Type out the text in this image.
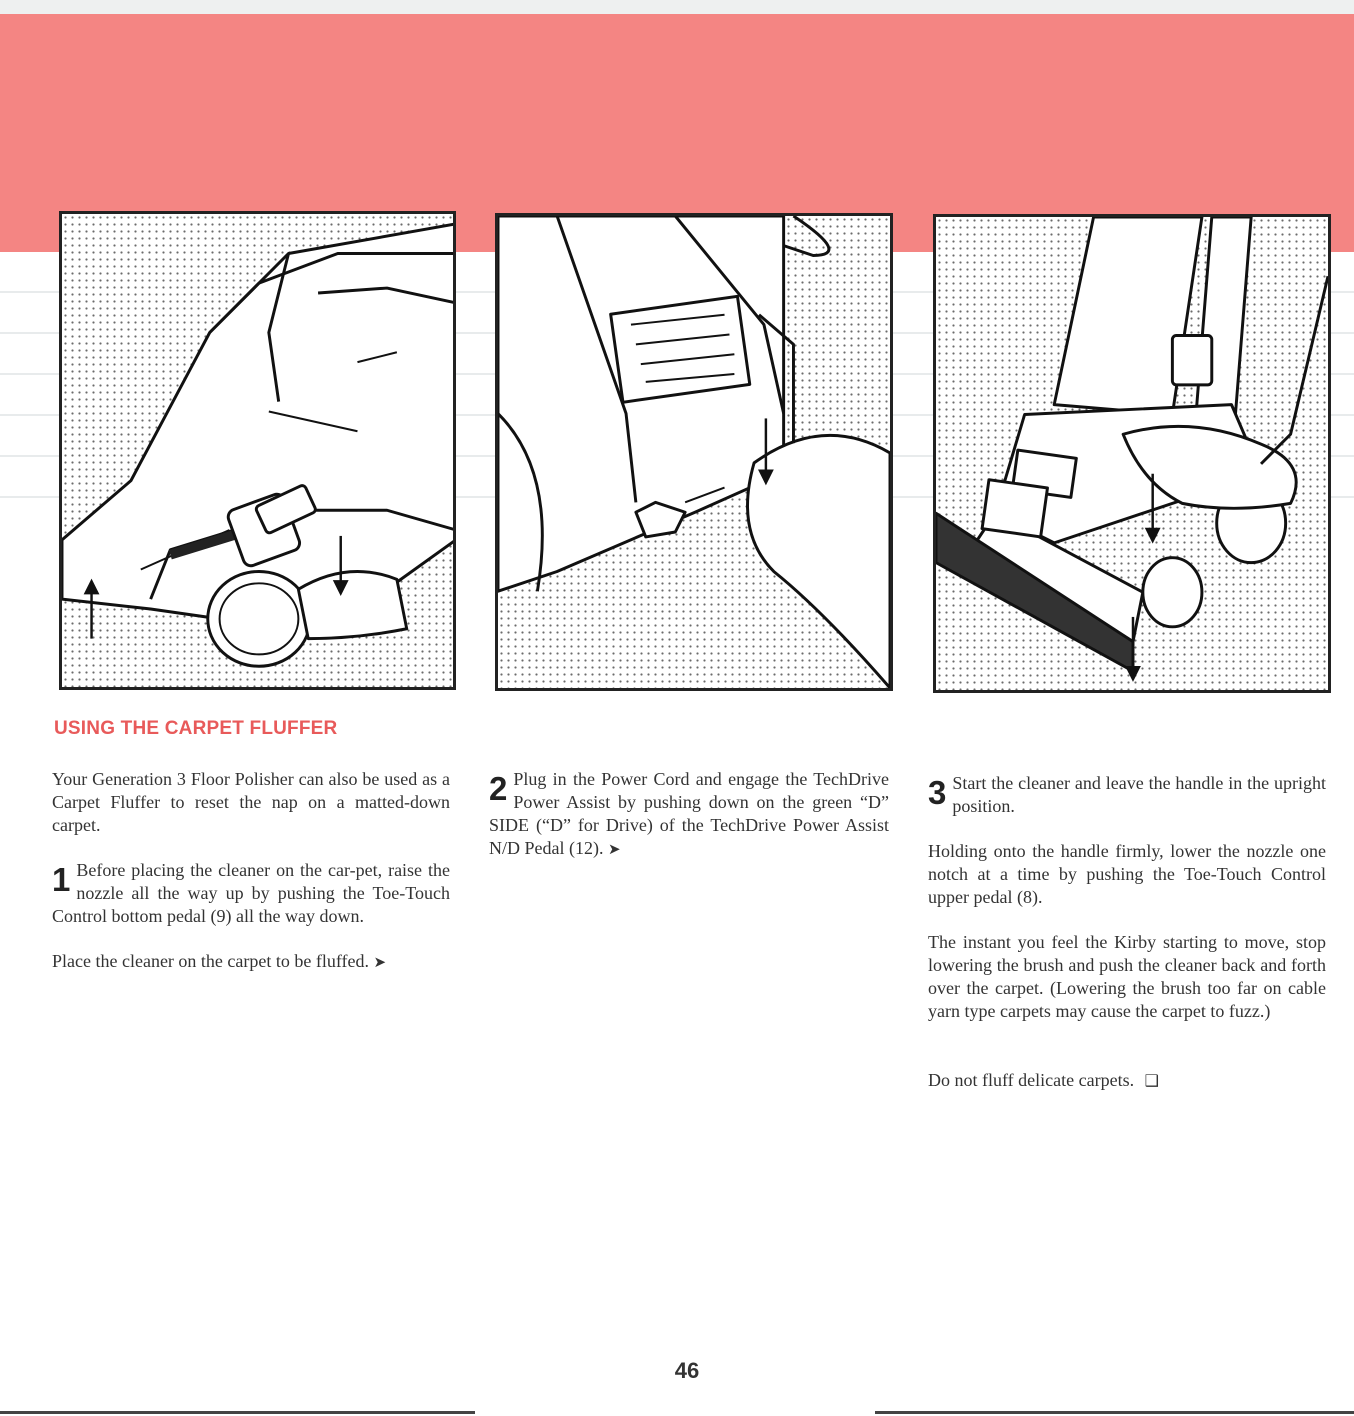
USING THE CARPET FLUFFER

Your Generation 3 Floor Polisher can also be used as a Carpet Fluffer to reset the nap on a matted-down carpet.

1 Before placing the cleaner on the car-pet, raise the nozzle all the way up by pushing the Toe-Touch Control bottom pedal (9) all the way down.

Place the cleaner on the carpet to be fluffed. ➤

2 Plug in the Power Cord and engage the TechDrive Power Assist by pushing down on the green “D” SIDE (“D” for Drive) of the TechDrive Power Assist N/D Pedal (12). ➤

3 Start the cleaner and leave the handle in the upright position.

Holding onto the handle firmly, lower the nozzle one notch at a time by pushing the Toe-Touch Control upper pedal (8).

The instant you feel the Kirby starting to move, stop lowering the brush and push the cleaner back and forth over the carpet. (Lowering the brush too far on cable yarn type carpets may cause the carpet to fuzz.)

Do not fluff delicate carpets. ❑

46
